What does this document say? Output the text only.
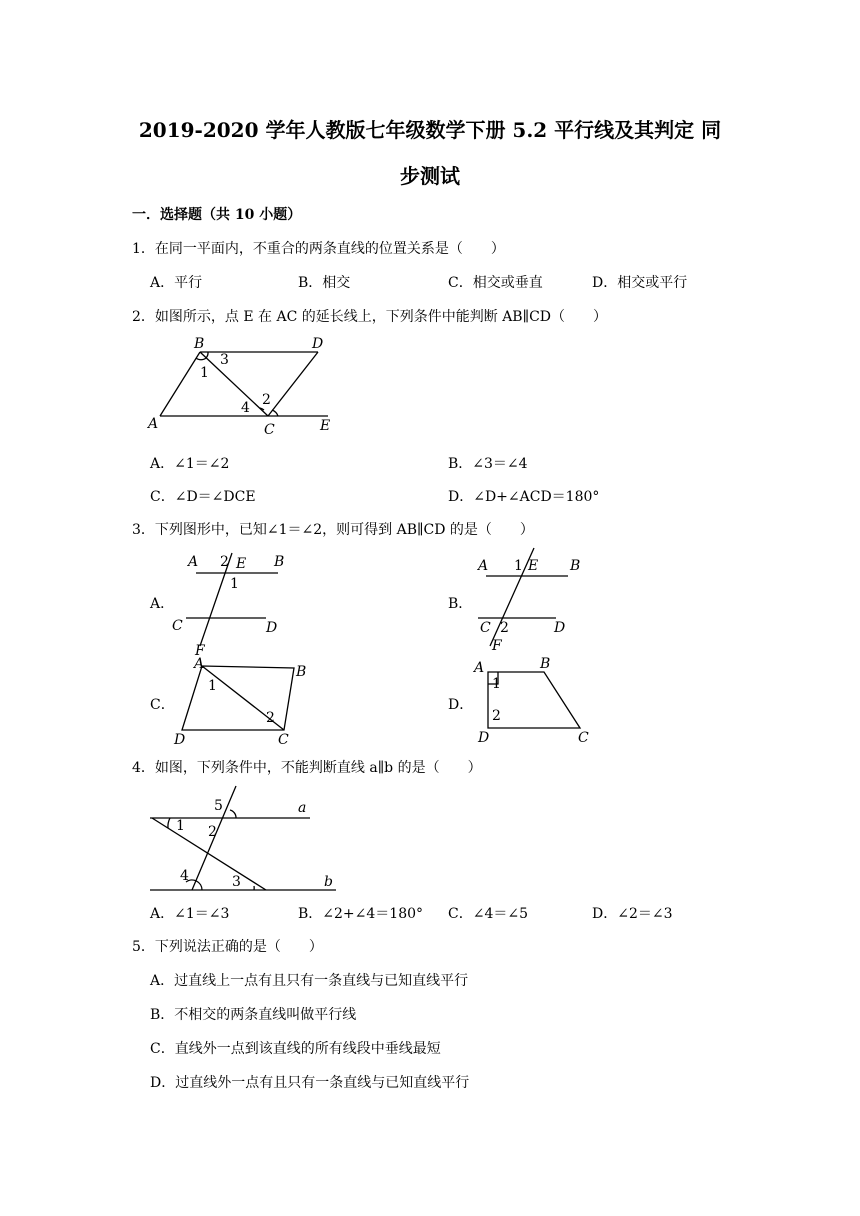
2019-2020 学年人教版七年级数学下册 5.2 平行线及其判定 同
步测试
一．选择题（共 10 小题）
1．在同一平面内，不重合的两条直线的位置关系是（　　）
A．平行	B．相交	C．相交或垂直	D．相交或平行
2．如图所示，点 E 在 AC 的延长线上，下列条件中能判断 AB∥CD（　　）
B	D
A	C	E
1
2
3
4
A．∠1＝∠2	B．∠3＝∠4
C．∠D＝∠DCE	D．∠D+∠ACD＝180°
3．下列图形中，已知∠1＝∠2，则可得到 AB∥CD 的是（　　）
A．
A	B
E
C	D
F
2
1
B．
A	B
E
C	D
F
1
2
C．
A	B
D	C
1
2
D．
A	B
D	C
1
2
4．如图，下列条件中，不能判断直线 a∥b 的是（　　）
a
b
1 2
3
4
5
A．∠1＝∠3	B．∠2+∠4＝180° C．∠4＝∠5	D．∠2＝∠3
5．下列说法正确的是（　　）
A．过直线上一点有且只有一条直线与已知直线平行
B．不相交的两条直线叫做平行线
C．直线外一点到该直线的所有线段中垂线最短
D．过直线外一点有且只有一条直线与已知直线平行
